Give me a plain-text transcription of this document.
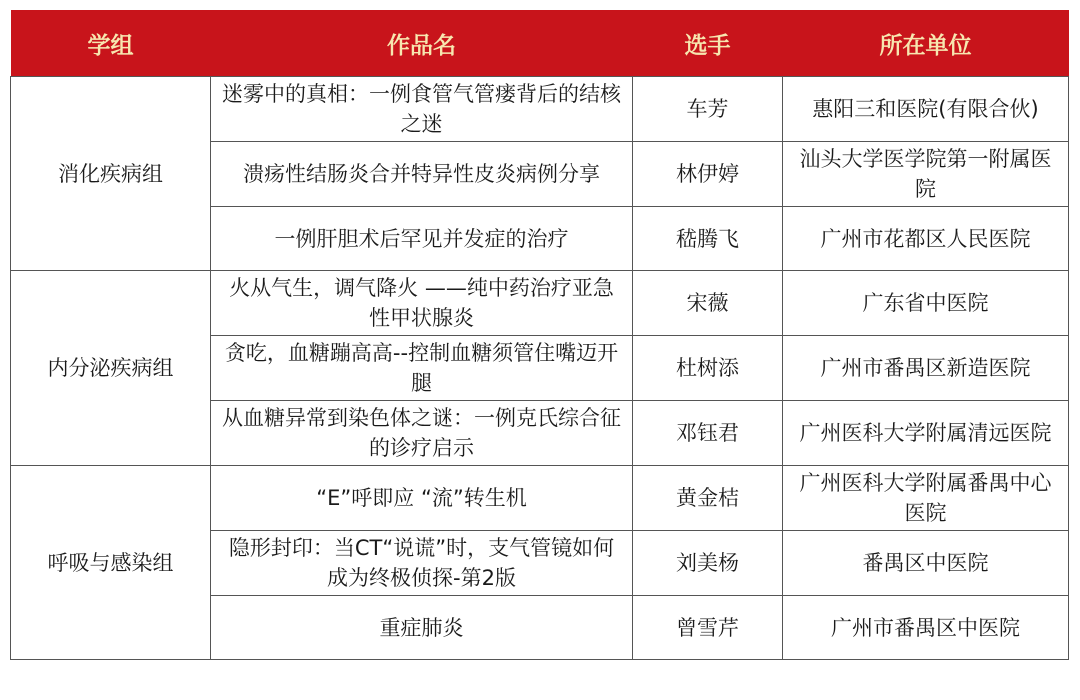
学组	作品名	选手	所在单位
消化疾病组	迷雾中的真相：一例食管气管瘘背后的结核之迷	车芳	惠阳三和医院(有限合伙)
	溃疡性结肠炎合并特异性皮炎病例分享	林伊婷	汕头大学医学院第一附属医院
	一例肝胆术后罕见并发症的治疗	嵇腾飞	广州市花都区人民医院
内分泌疾病组	火从气生，调气降火 ——纯中药治疗亚急性甲状腺炎	宋薇	广东省中医院
	贪吃，血糖蹦高高--控制血糖须管住嘴迈开腿	杜树添	广州市番禺区新造医院
	从血糖异常到染色体之谜：一例克氏综合征的诊疗启示	邓钰君	广州医科大学附属清远医院
呼吸与感染组	“E”呼即应 “流”转生机	黄金桔	广州医科大学附属番禺中心医院
	隐形封印：当CT“说谎”时，支气管镜如何成为终极侦探-第2版	刘美杨	番禺区中医院
	重症肺炎	曾雪芹	广州市番禺区中医院
